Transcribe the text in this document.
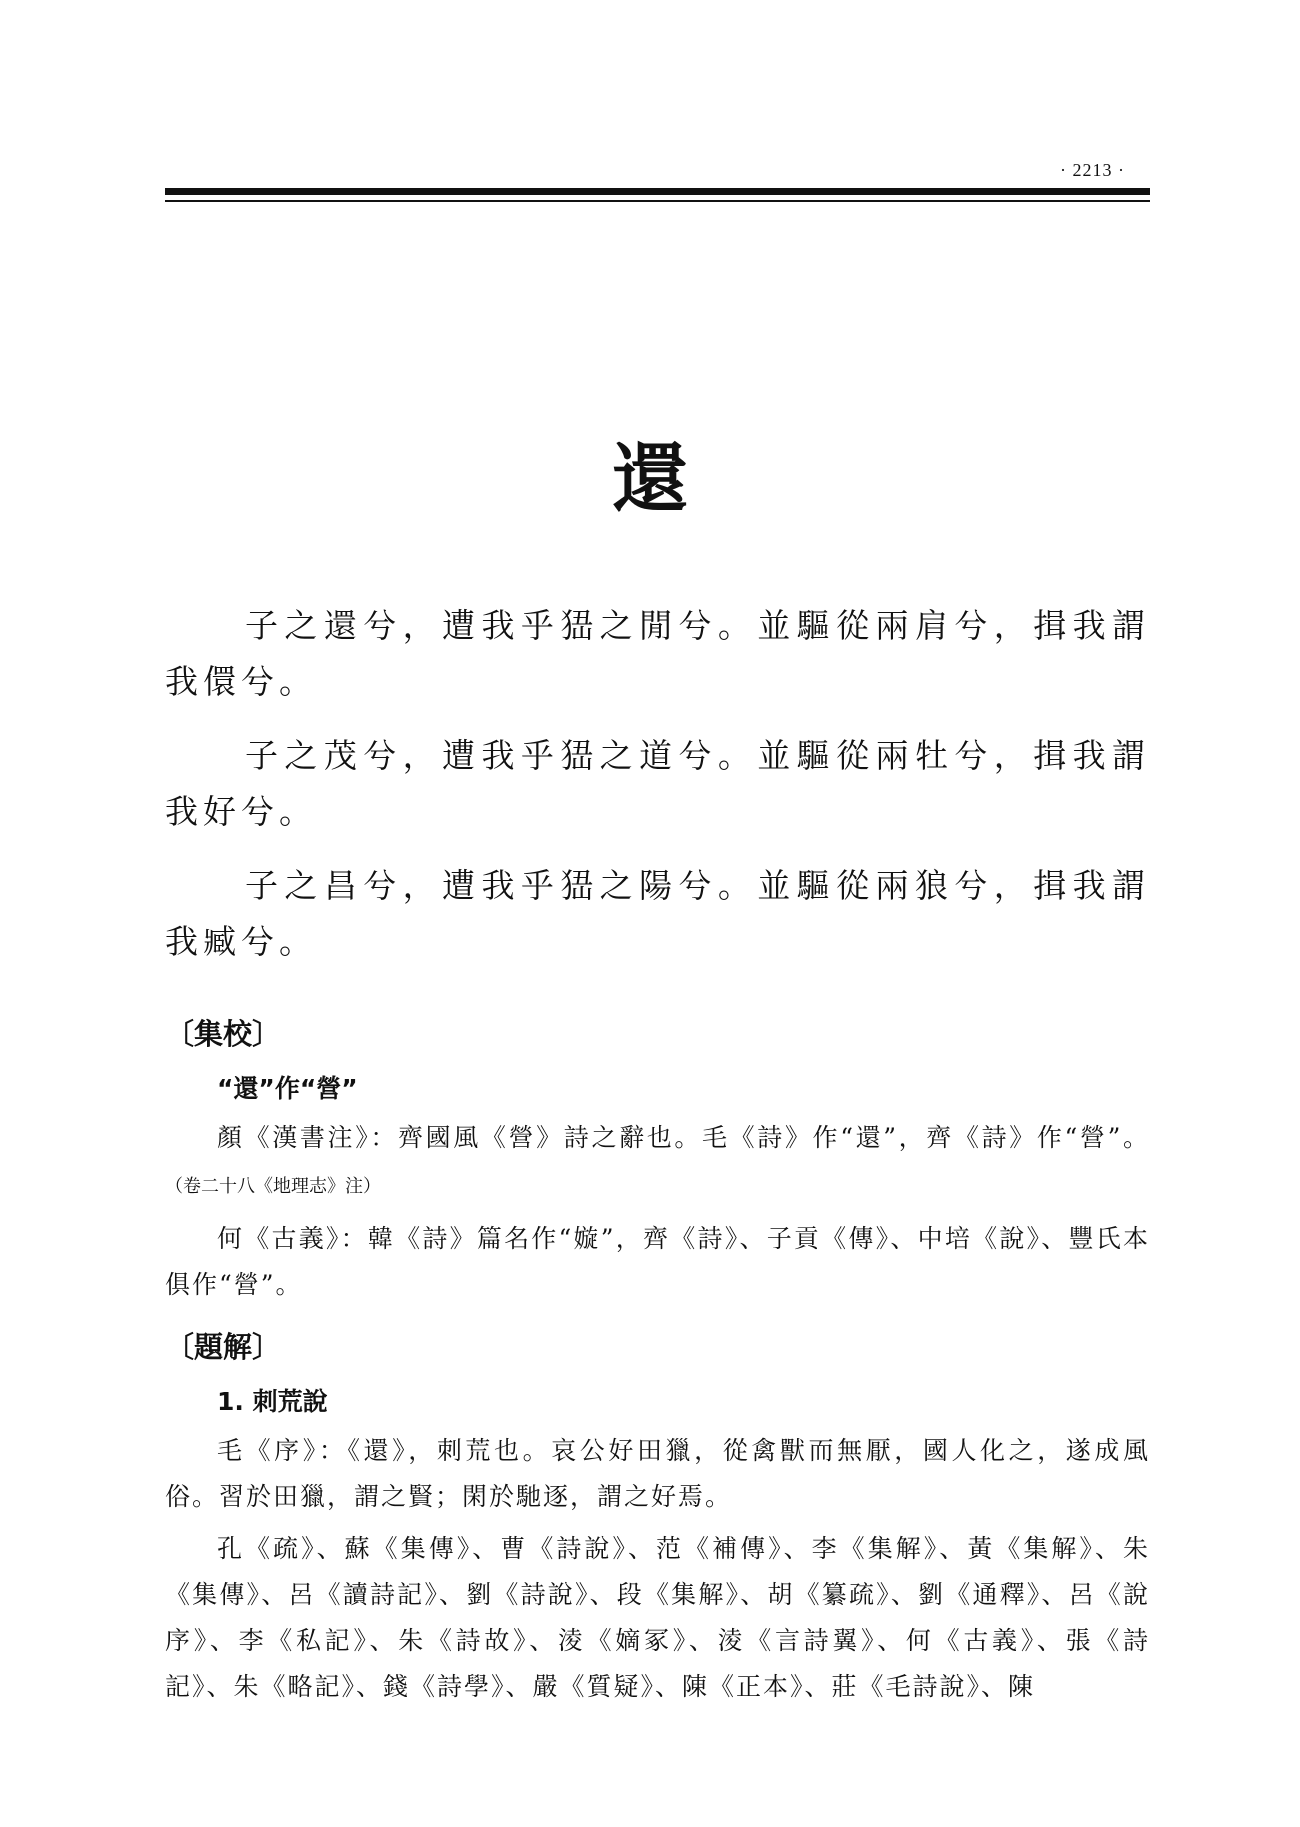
· 2213 ·
還

子之還兮，遭我乎峱之閒兮。並驅從兩肩兮，揖我謂我儇兮。

子之茂兮，遭我乎峱之道兮。並驅從兩牡兮，揖我謂我好兮。

子之昌兮，遭我乎峱之陽兮。並驅從兩狼兮，揖我謂我臧兮。

〔集校〕
“還”作“營”

顏《漢書注》：齊國風《營》詩之辭也。毛《詩》作“還”，齊《詩》作“營”。（卷二十八《地理志》注）

何《古義》：韓《詩》篇名作“嫙”，齊《詩》、子貢《傳》、中培《說》、豐氏本俱作“營”。

〔題解〕
1. 刺荒說

毛《序》：《還》，刺荒也。哀公好田獵，從禽獸而無厭，國人化之，遂成風俗。習於田獵，謂之賢；閑於馳逐，謂之好焉。

孔《疏》、蘇《集傳》、曹《詩說》、范《補傳》、李《集解》、黃《集解》、朱《集傳》、呂《讀詩記》、劉《詩說》、段《集解》、胡《纂疏》、劉《通釋》、呂《說序》、李《私記》、朱《詩故》、淩《嫡冢》、淩《言詩翼》、何《古義》、張《詩記》、朱《略記》、錢《詩學》、嚴《質疑》、陳《正本》、莊《毛詩說》、陳
